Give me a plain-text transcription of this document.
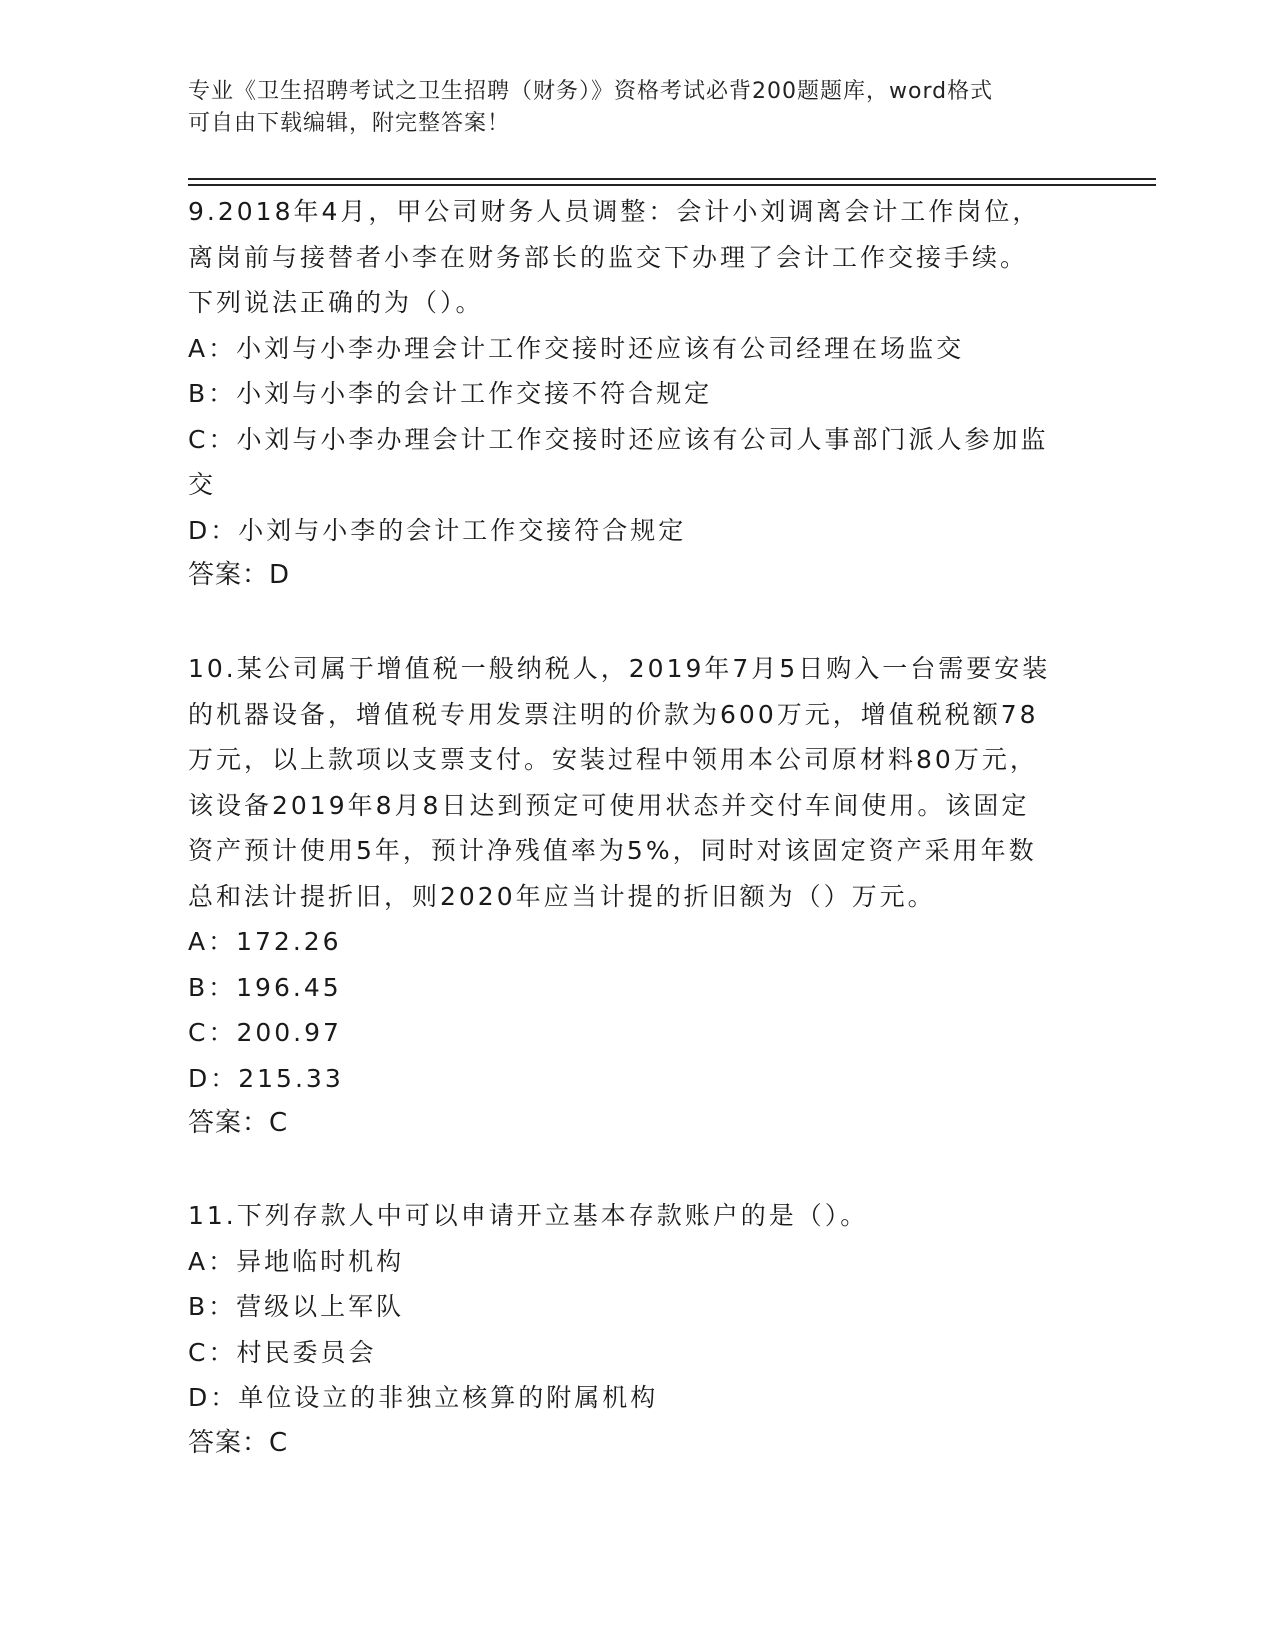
专业《卫生招聘考试之卫生招聘（财务）》资格考试必背200题题库，word格式

可自由下载编辑，附完整答案！

9.2018年4月，甲公司财务人员调整：会计小刘调离会计工作岗位，

离岗前与接替者小李在财务部长的监交下办理了会计工作交接手续。

下列说法正确的为（）。

A：小刘与小李办理会计工作交接时还应该有公司经理在场监交

B：小刘与小李的会计工作交接不符合规定

C：小刘与小李办理会计工作交接时还应该有公司人事部门派人参加监

交

D：小刘与小李的会计工作交接符合规定

答案：D

10.某公司属于增值税一般纳税人，2019年7月5日购入一台需要安装

的机器设备，增值税专用发票注明的价款为600万元，增值税税额78

万元，以上款项以支票支付。安装过程中领用本公司原材料80万元，

该设备2019年8月8日达到预定可使用状态并交付车间使用。该固定

资产预计使用5年，预计净残值率为5%，同时对该固定资产采用年数

总和法计提折旧，则2020年应当计提的折旧额为（）万元。

A：172.26

B：196.45

C：200.97

D：215.33

答案：C

11.下列存款人中可以申请开立基本存款账户的是（）。

A：异地临时机构

B：营级以上军队

C：村民委员会

D：单位设立的非独立核算的附属机构

答案：C
